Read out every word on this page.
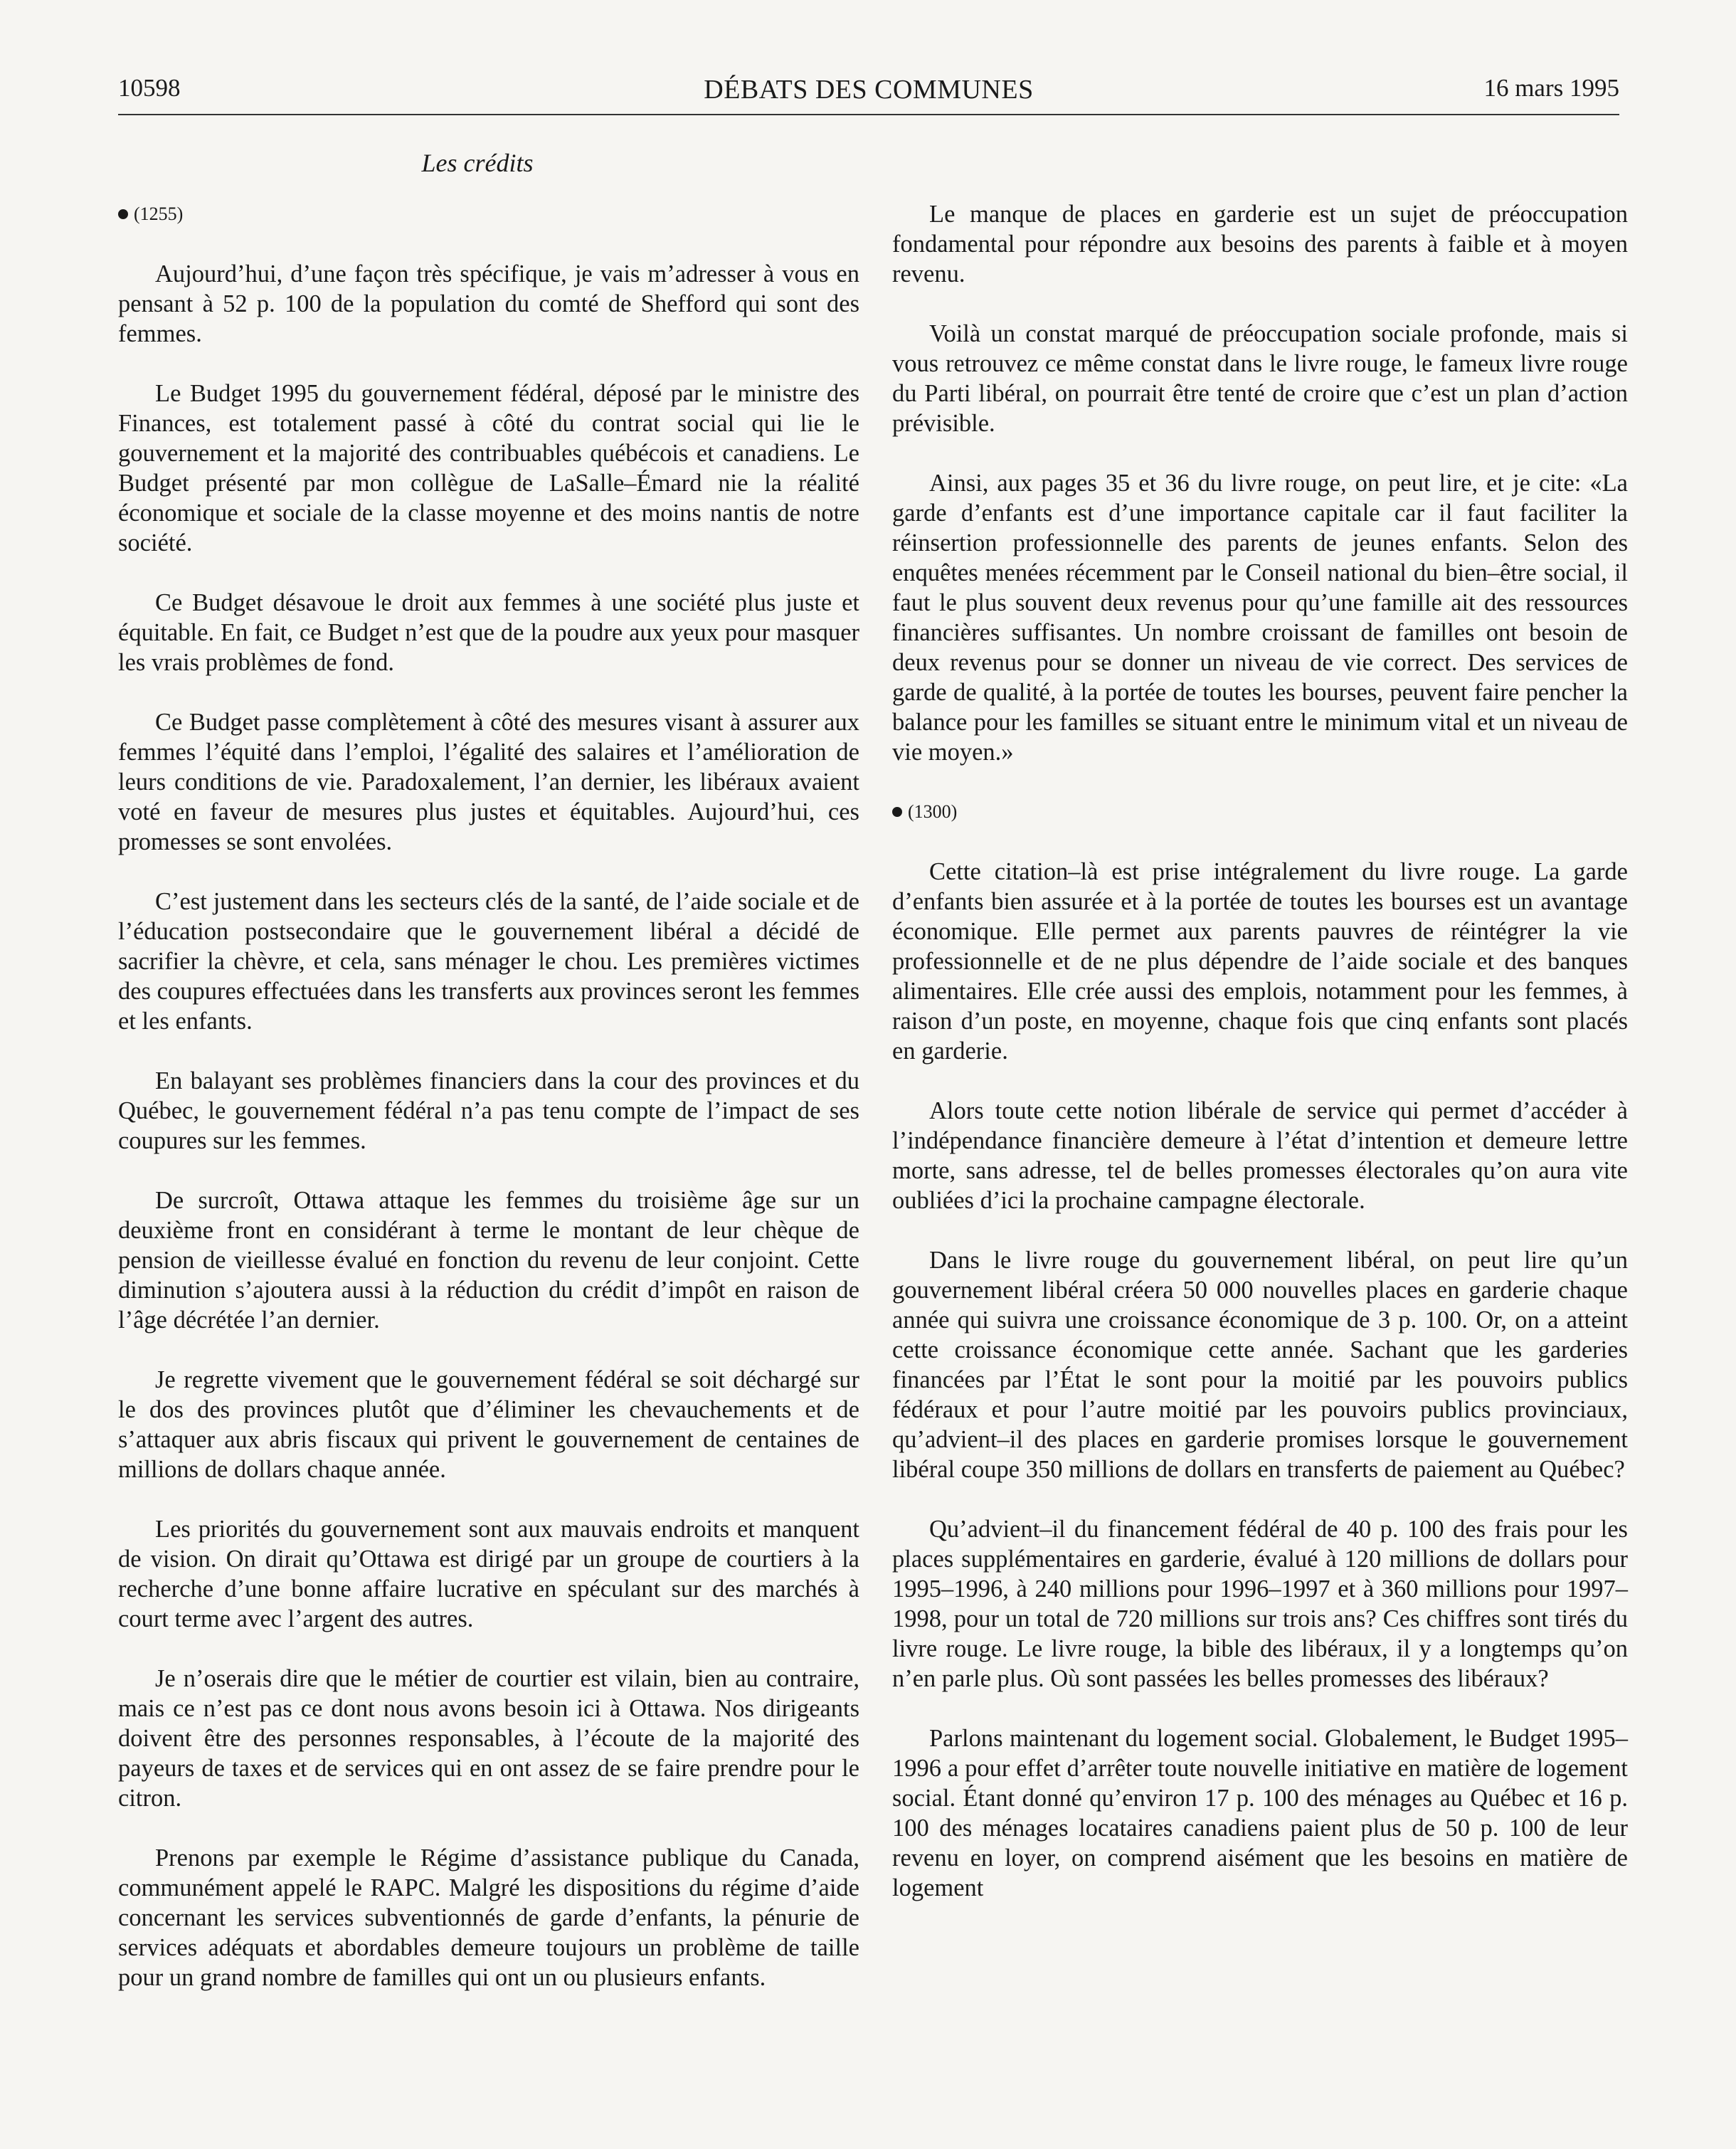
10598	DÉBATS DES COMMUNES	16 mars 1995
Les crédits
(1255)

Aujourd’hui, d’une façon très spécifique, je vais m’adresser à vous en pensant à 52 p. 100 de la population du comté de Shefford qui sont des femmes.

Le Budget 1995 du gouvernement fédéral, déposé par le ministre des Finances, est totalement passé à côté du contrat social qui lie le gouvernement et la majorité des contribuables québécois et canadiens. Le Budget présenté par mon collègue de LaSalle–Émard nie la réalité économique et sociale de la classe moyenne et des moins nantis de notre société.

Ce Budget désavoue le droit aux femmes à une société plus juste et équitable. En fait, ce Budget n’est que de la poudre aux yeux pour masquer les vrais problèmes de fond.

Ce Budget passe complètement à côté des mesures visant à assurer aux femmes l’équité dans l’emploi, l’égalité des salaires et l’amélioration de leurs conditions de vie. Paradoxalement, l’an dernier, les libéraux avaient voté en faveur de mesures plus justes et équitables. Aujourd’hui, ces promesses se sont envolées.

C’est justement dans les secteurs clés de la santé, de l’aide sociale et de l’éducation postsecondaire que le gouvernement libéral a décidé de sacrifier la chèvre, et cela, sans ménager le chou. Les premières victimes des coupures effectuées dans les transferts aux provinces seront les femmes et les enfants.

En balayant ses problèmes financiers dans la cour des provinces et du Québec, le gouvernement fédéral n’a pas tenu compte de l’impact de ses coupures sur les femmes.

De surcroît, Ottawa attaque les femmes du troisième âge sur un deuxième front en considérant à terme le montant de leur chèque de pension de vieillesse évalué en fonction du revenu de leur conjoint. Cette diminution s’ajoutera aussi à la réduction du crédit d’impôt en raison de l’âge décrétée l’an dernier.

Je regrette vivement que le gouvernement fédéral se soit déchargé sur le dos des provinces plutôt que d’éliminer les chevauchements et de s’attaquer aux abris fiscaux qui privent le gouvernement de centaines de millions de dollars chaque année.

Les priorités du gouvernement sont aux mauvais endroits et manquent de vision. On dirait qu’Ottawa est dirigé par un groupe de courtiers à la recherche d’une bonne affaire lucrative en spéculant sur des marchés à court terme avec l’argent des autres.

Je n’oserais dire que le métier de courtier est vilain, bien au contraire, mais ce n’est pas ce dont nous avons besoin ici à Ottawa. Nos dirigeants doivent être des personnes responsables, à l’écoute de la majorité des payeurs de taxes et de services qui en ont assez de se faire prendre pour le citron.

Prenons par exemple le Régime d’assistance publique du Canada, communément appelé le RAPC. Malgré les dispositions du régime d’aide concernant les services subventionnés de garde d’enfants, la pénurie de services adéquats et abordables demeure toujours un problème de taille pour un grand nombre de familles qui ont un ou plusieurs enfants.

Le manque de places en garderie est un sujet de préoccupation fondamental pour répondre aux besoins des parents à faible et à moyen revenu.

Voilà un constat marqué de préoccupation sociale profonde, mais si vous retrouvez ce même constat dans le livre rouge, le fameux livre rouge du Parti libéral, on pourrait être tenté de croire que c’est un plan d’action prévisible.

Ainsi, aux pages 35 et 36 du livre rouge, on peut lire, et je cite: «La garde d’enfants est d’une importance capitale car il faut faciliter la réinsertion professionnelle des parents de jeunes enfants. Selon des enquêtes menées récemment par le Conseil national du bien–être social, il faut le plus souvent deux revenus pour qu’une famille ait des ressources financières suffisantes. Un nombre croissant de familles ont besoin de deux revenus pour se donner un niveau de vie correct. Des services de garde de qualité, à la portée de toutes les bourses, peuvent faire pencher la balance pour les familles se situant entre le minimum vital et un niveau de vie moyen.»

(1300)

Cette citation–là est prise intégralement du livre rouge. La garde d’enfants bien assurée et à la portée de toutes les bourses est un avantage économique. Elle permet aux parents pauvres de réintégrer la vie professionnelle et de ne plus dépendre de l’aide sociale et des banques alimentaires. Elle crée aussi des emplois, notamment pour les femmes, à raison d’un poste, en moyenne, chaque fois que cinq enfants sont placés en garderie.

Alors toute cette notion libérale de service qui permet d’accéder à l’indépendance financière demeure à l’état d’intention et demeure lettre morte, sans adresse, tel de belles promesses électorales qu’on aura vite oubliées d’ici la prochaine campagne électorale.

Dans le livre rouge du gouvernement libéral, on peut lire qu’un gouvernement libéral créera 50 000 nouvelles places en garderie chaque année qui suivra une croissance économique de 3 p. 100. Or, on a atteint cette croissance économique cette année. Sachant que les garderies financées par l’État le sont pour la moitié par les pouvoirs publics fédéraux et pour l’autre moitié par les pouvoirs publics provinciaux, qu’advient–il des places en garderie promises lorsque le gouvernement libéral coupe 350 millions de dollars en transferts de paiement au Québec?

Qu’advient–il du financement fédéral de 40 p. 100 des frais pour les places supplémentaires en garderie, évalué à 120 millions de dollars pour 1995–1996, à 240 millions pour 1996–1997 et à 360 millions pour 1997–1998, pour un total de 720 millions sur trois ans? Ces chiffres sont tirés du livre rouge. Le livre rouge, la bible des libéraux, il y a longtemps qu’on n’en parle plus. Où sont passées les belles promesses des libéraux?

Parlons maintenant du logement social. Globalement, le Budget 1995–1996 a pour effet d’arrêter toute nouvelle initiative en matière de logement social. Étant donné qu’environ 17 p. 100 des ménages au Québec et 16 p. 100 des ménages locataires canadiens paient plus de 50 p. 100 de leur revenu en loyer, on comprend aisément que les besoins en matière de logement
